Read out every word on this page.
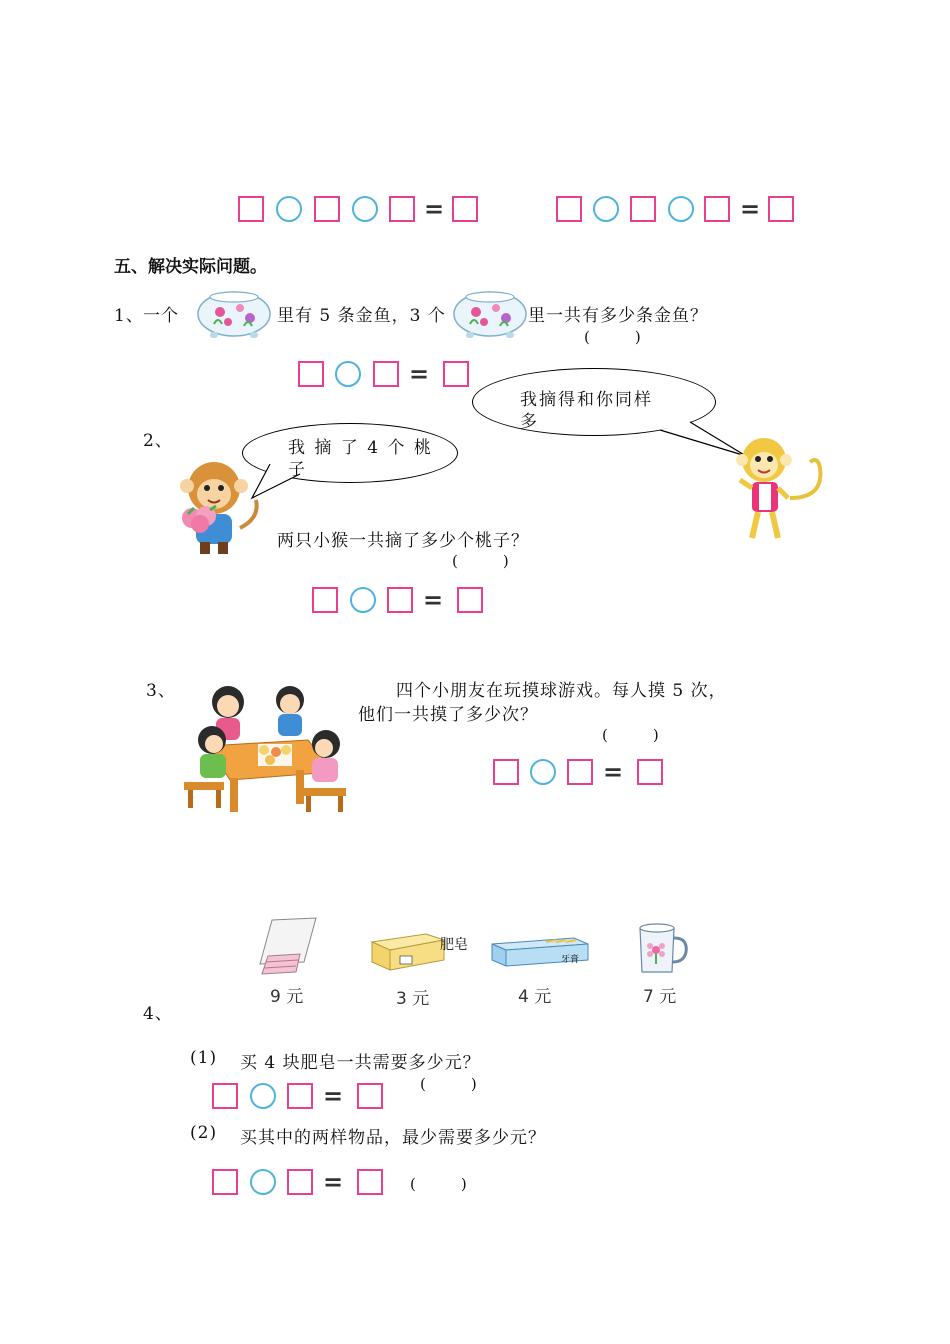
=	=
五、解决实际问题。
1、 一个	里有 5 条金鱼，3 个	里一共有多少条金鱼？
(　　　)
=
2、
我摘得和你同样
多
我 摘 了 4 个 桃
子
两只小猴一共摘了多少个桃子？
(　　　)
=
3、	四个小朋友在玩摸球游戏。每人摸 5 次，
他们一共摸了多少次？
(　　　)
=
4、
9 元
肥皂
3 元
牙膏
4 元	7 元
(1) 买 4 块肥皂一共需要多少元？
(　　　)
=
(2) 买其中的两样物品，最少需要多少元？
=	(　　　)
